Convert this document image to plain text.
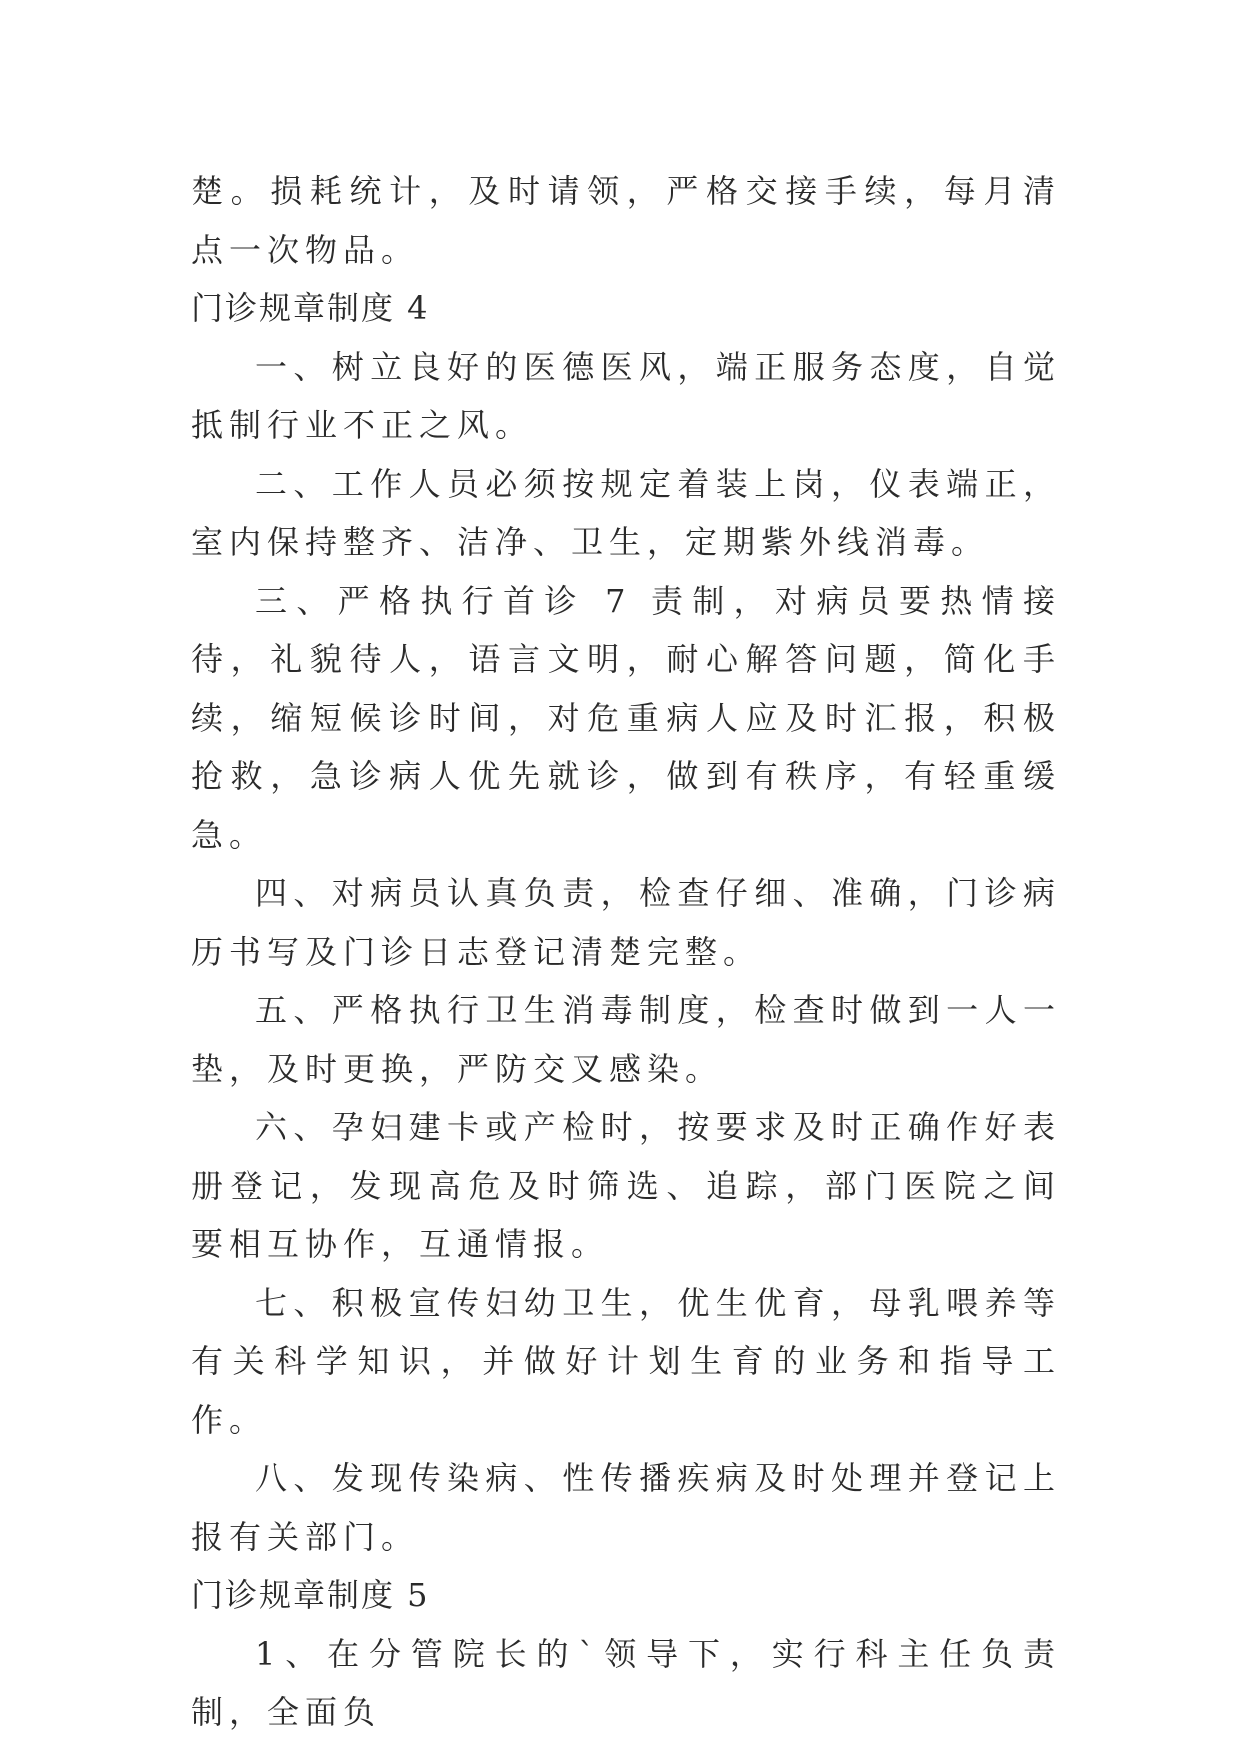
楚。损耗统计，及时请领，严格交接手续，每月清点一次物品。

门诊规章制度 4

一、树立良好的医德医风，端正服务态度，自觉抵制行业不正之风。

二、工作人员必须按规定着装上岗，仪表端正，室内保持整齐、洁净、卫生，定期紫外线消毒。

三、严格执行首诊 7 责制，对病员要热情接待，礼貌待人，语言文明，耐心解答问题，简化手续，缩短候诊时间，对危重病人应及时汇报，积极抢救，急诊病人优先就诊，做到有秩序，有轻重缓急。

四、对病员认真负责，检查仔细、准确，门诊病历书写及门诊日志登记清楚完整。

五、严格执行卫生消毒制度，检查时做到一人一垫，及时更换，严防交叉感染。

六、孕妇建卡或产检时，按要求及时正确作好表册登记，发现高危及时筛选、追踪，部门医院之间要相互协作，互通情报。

七、积极宣传妇幼卫生，优生优育，母乳喂养等有关科学知识，并做好计划生育的业务和指导工作。

八、发现传染病、性传播疾病及时处理并登记上报有关部门。

门诊规章制度 5

1、在分管院长的`领导下，实行科主任负责制，全面负
